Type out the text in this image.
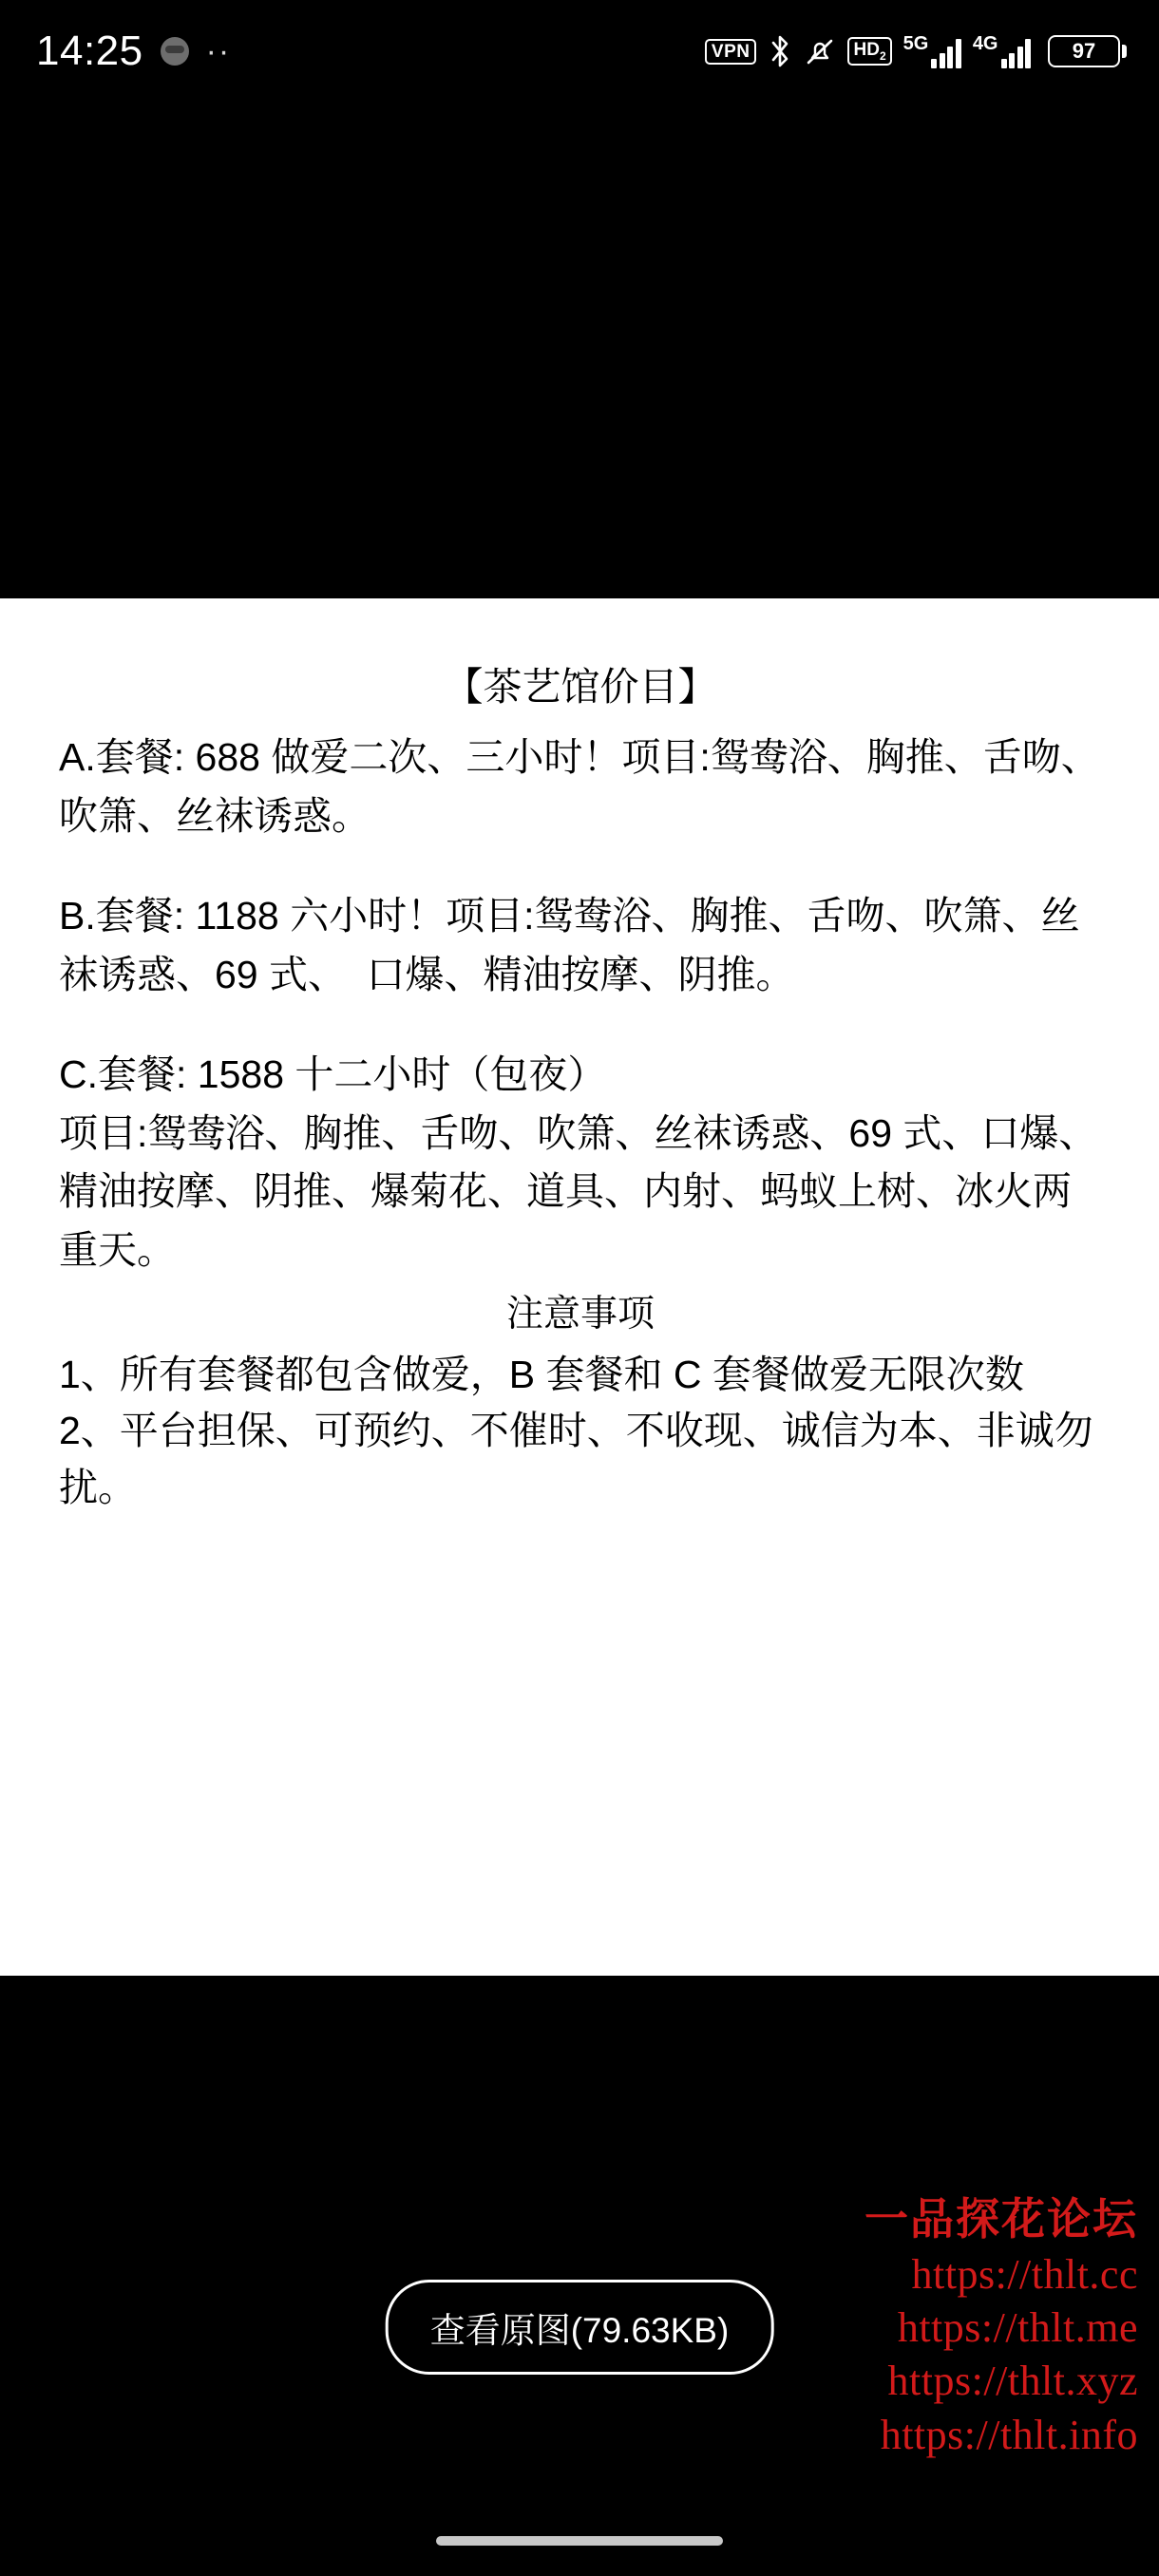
14:25 ··	VPN	$HD_2$
5G 4G	97
【茶艺馆价目】
A.套餐: 688 做爱二次、三小时！项目:鸳鸯浴、胸推、舌吻、吹箫、丝袜诱惑。
B.套餐: 1188 六小时！项目:鸳鸯浴、胸推、舌吻、吹箫、丝袜诱惑、69 式、　口爆、精油按摩、阴推。
C.套餐: 1588 十二小时（包夜）
项目:鸳鸯浴、胸推、舌吻、吹箫、丝袜诱惑、69 式、口爆、精油按摩、阴推、爆菊花、道具、内射、蚂蚁上树、冰火两重天。
注意事项
1、所有套餐都包含做爱，B 套餐和 C 套餐做爱无限次数
2、平台担保、可预约、不催时、不收现、诚信为本、非诚勿扰。
一品探花论坛
https://thlt.cc
https://thlt.me
https://thlt.xyz
https://thlt.info
查看原图(79.63KB)
